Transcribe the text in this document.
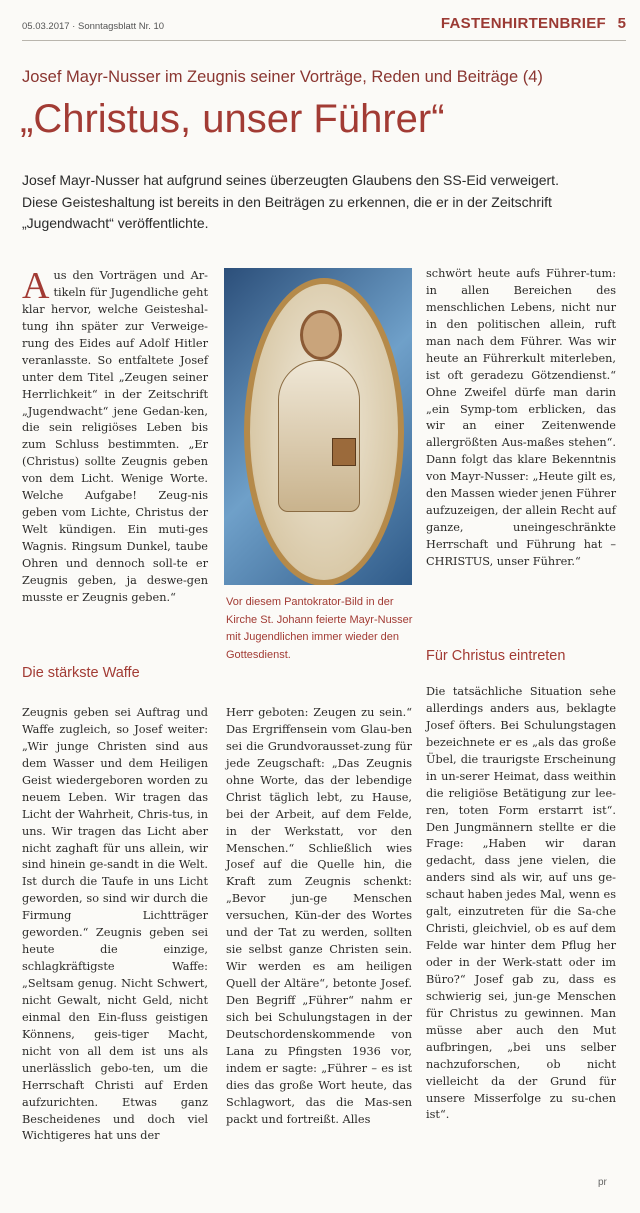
05.03.2017 · Sonntagsblatt Nr. 10	FASTENHIRTENBRIEF 5
Josef Mayr-Nusser im Zeugnis seiner Vorträge, Reden und Beiträge (4)
„Christus, unser Führer“
Josef Mayr-Nusser hat aufgrund seines überzeugten Glaubens den SS-Eid verweigert. Diese Geisteshaltung ist bereits in den Beiträgen zu erkennen, die er in der Zeitschrift „Jugendwacht“ veröffentlichte.
A us den Vorträgen und Ar-tikeln für Jugendliche geht klar hervor, welche Geisteshal-tung ihn später zur Verweige-rung des Eides auf Adolf Hitler veranlasste. So entfaltete Josef unter dem Titel „Zeugen seiner Herrlichkeit“ in der Zeitschrift „Jugendwacht“ jene Gedan-ken, die sein religiöses Leben bis zum Schluss bestimmten. „Er (Christus) sollte Zeugnis geben von dem Licht. Wenige Worte. Welche Aufgabe! Zeug-nis geben vom Lichte, Christus der Welt kündigen. Ein muti-ges Wagnis. Ringsum Dunkel, taube Ohren und dennoch soll-te er Zeugnis geben, ja deswe-gen musste er Zeugnis geben.“	Vor diesem Pantokrator-Bild in der Kirche St. Johann feierte Mayr-Nusser mit Jugendlichen immer wieder den Gottesdienst.

schwört heute aufs Führer-tum: in allen Bereichen des menschlichen Lebens, nicht nur in den politischen allein, ruft man nach dem Führer. Was wir heute an Führerkult miterleben, ist oft geradezu Götzendienst.“ Ohne Zweifel dürfe man darin „ein Symp-tom erblicken, das wir an einer Zeitenwende allergrößten Aus-maßes stehen“. Dann folgt das klare Bekenntnis von Mayr-Nusser: „Heute gilt es, den Massen wieder jenen Führer aufzuzeigen, der allein Recht auf ganze, uneingeschränkte Herrschaft und Führung hat – CHRISTUS, unser Führer.“

Die stärkste Waffe
Für Christus eintreten

Zeugnis geben sei Auftrag und Waffe zugleich, so Josef weiter: „Wir junge Christen sind aus dem Wasser und dem Heiligen Geist wiedergeboren worden zu neuem Leben. Wir tragen das Licht der Wahrheit, Chris-tus, in uns. Wir tragen das Licht aber nicht zaghaft für uns allein, wir sind hinein ge-sandt in die Welt. Ist durch die Taufe in uns Licht geworden, so sind wir durch die Firmung Lichtträger geworden.“ Zeugnis geben sei heute die einzige, schlagkräftigste Waffe: „Seltsam genug. Nicht Schwert, nicht Gewalt, nicht Geld, nicht einmal den Ein-fluss geistigen Könnens, geis-tiger Macht, nicht von all dem ist uns als unerlässlich gebo-ten, um die Herrschaft Christi auf Erden aufzurichten. Etwas ganz Bescheidenes und doch viel Wichtigeres hat uns der

Herr geboten: Zeugen zu sein.“ Das Ergriffensein vom Glau-ben sei die Grundvorausset-zung für jede Zeugschaft: „Das Zeugnis ohne Worte, das der lebendige Christ täglich lebt, zu Hause, bei der Arbeit, auf dem Felde, in der Werkstatt, vor den Menschen.“ Schließlich wies Josef auf die Quelle hin, die Kraft zum Zeugnis schenkt: „Bevor jun-ge Menschen versuchen, Kün-der des Wortes und der Tat zu werden, sollten sie selbst ganze Christen sein. Wir werden es am heiligen Quell der Altäre“, betonte Josef. Den Begriff „Führer“ nahm er sich bei Schulungstagen in der Deutschordenskommende von Lana zu Pfingsten 1936 vor, indem er sagte: „Führer – es ist dies das große Wort heute, das Schlagwort, das die Mas-sen packt und fortreißt. Alles

Die tatsächliche Situation sehe allerdings anders aus, beklagte Josef öfters. Bei Schulungstagen bezeichnete er es „als das große Übel, die traurigste Erscheinung in un-serer Heimat, dass weithin die religiöse Betätigung zur lee-ren, toten Form erstarrt ist“. Den Jungmännern stellte er die Frage: „Haben wir daran gedacht, dass jene vielen, die anders sind als wir, auf uns ge-schaut haben jedes Mal, wenn es galt, einzutreten für die Sa-che Christi, gleichviel, ob es auf dem Felde war hinter dem Pflug her oder in der Werk-statt oder im Büro?“ Josef gab zu, dass es schwierig sei, jun-ge Menschen für Christus zu gewinnen. Man müsse aber auch den Mut aufbringen, „bei uns selber nachzuforschen, ob nicht vielleicht da der Grund für unsere Misserfolge zu su-chen ist“.

pr
